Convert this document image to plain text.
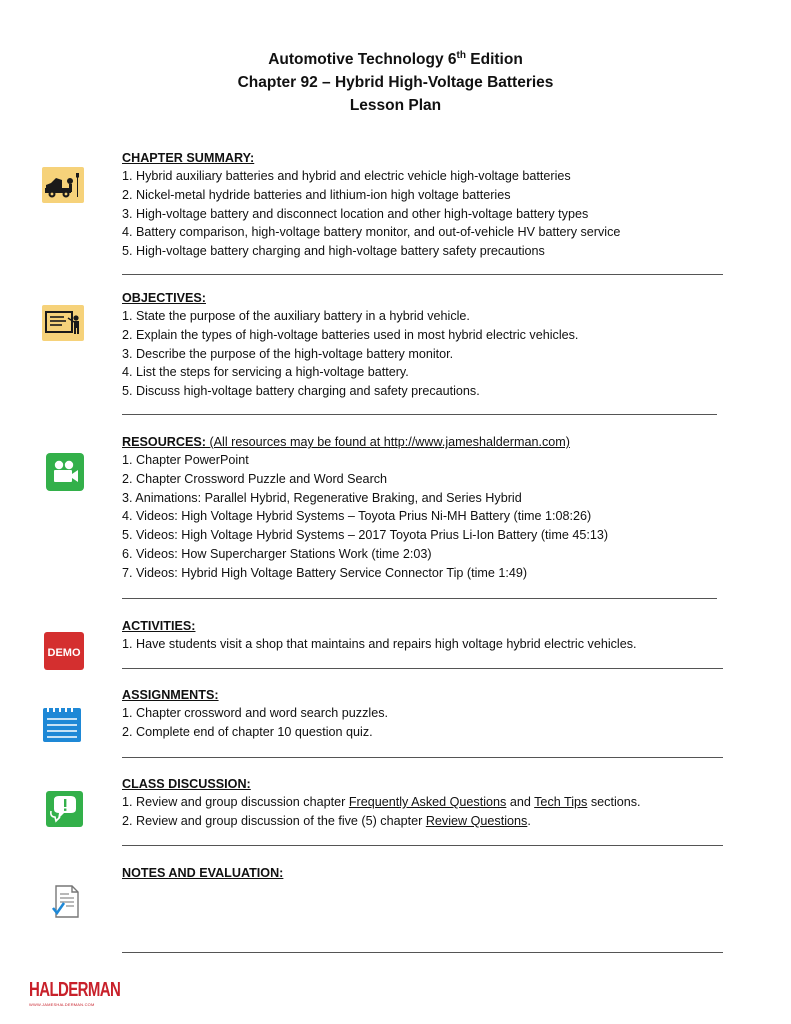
Automotive Technology 6th Edition
Chapter 92 – Hybrid High-Voltage Batteries
Lesson Plan
CHAPTER SUMMARY:
1. Hybrid auxiliary batteries and hybrid and electric vehicle high-voltage batteries
2. Nickel-metal hydride batteries and lithium-ion high voltage batteries
3. High-voltage battery and disconnect location and other high-voltage battery types
4. Battery comparison, high-voltage battery monitor, and out-of-vehicle HV battery service
5. High-voltage battery charging and high-voltage battery safety precautions
OBJECTIVES:
1. State the purpose of the auxiliary battery in a hybrid vehicle.
2. Explain the types of high-voltage batteries used in most hybrid electric vehicles.
3. Describe the purpose of the high-voltage battery monitor.
4. List the steps for servicing a high-voltage battery.
5. Discuss high-voltage battery charging and safety precautions.
RESOURCES: (All resources may be found at http://www.jameshalderman.com)
1. Chapter PowerPoint
2. Chapter Crossword Puzzle and Word Search
3. Animations: Parallel Hybrid, Regenerative Braking, and Series Hybrid
4. Videos: High Voltage Hybrid Systems – Toyota Prius Ni-MH Battery (time 1:08:26)
5. Videos: High Voltage Hybrid Systems – 2017 Toyota Prius Li-Ion Battery (time 45:13)
6. Videos: How Supercharger Stations Work (time 2:03)
7. Videos: Hybrid High Voltage Battery Service Connector Tip (time 1:49)
DEMO
ACTIVITIES:
1. Have students visit a shop that maintains and repairs high voltage hybrid electric vehicles.
ASSIGNMENTS:
1. Chapter crossword and word search puzzles.
2. Complete end of chapter 10 question quiz.
CLASS DISCUSSION:
1. Review and group discussion chapter Frequently Asked Questions and Tech Tips sections.
2. Review and group discussion of the five (5) chapter Review Questions.
NOTES AND EVALUATION:
HALDERMAN
WWW.JAMESHALDERMAN.COM
